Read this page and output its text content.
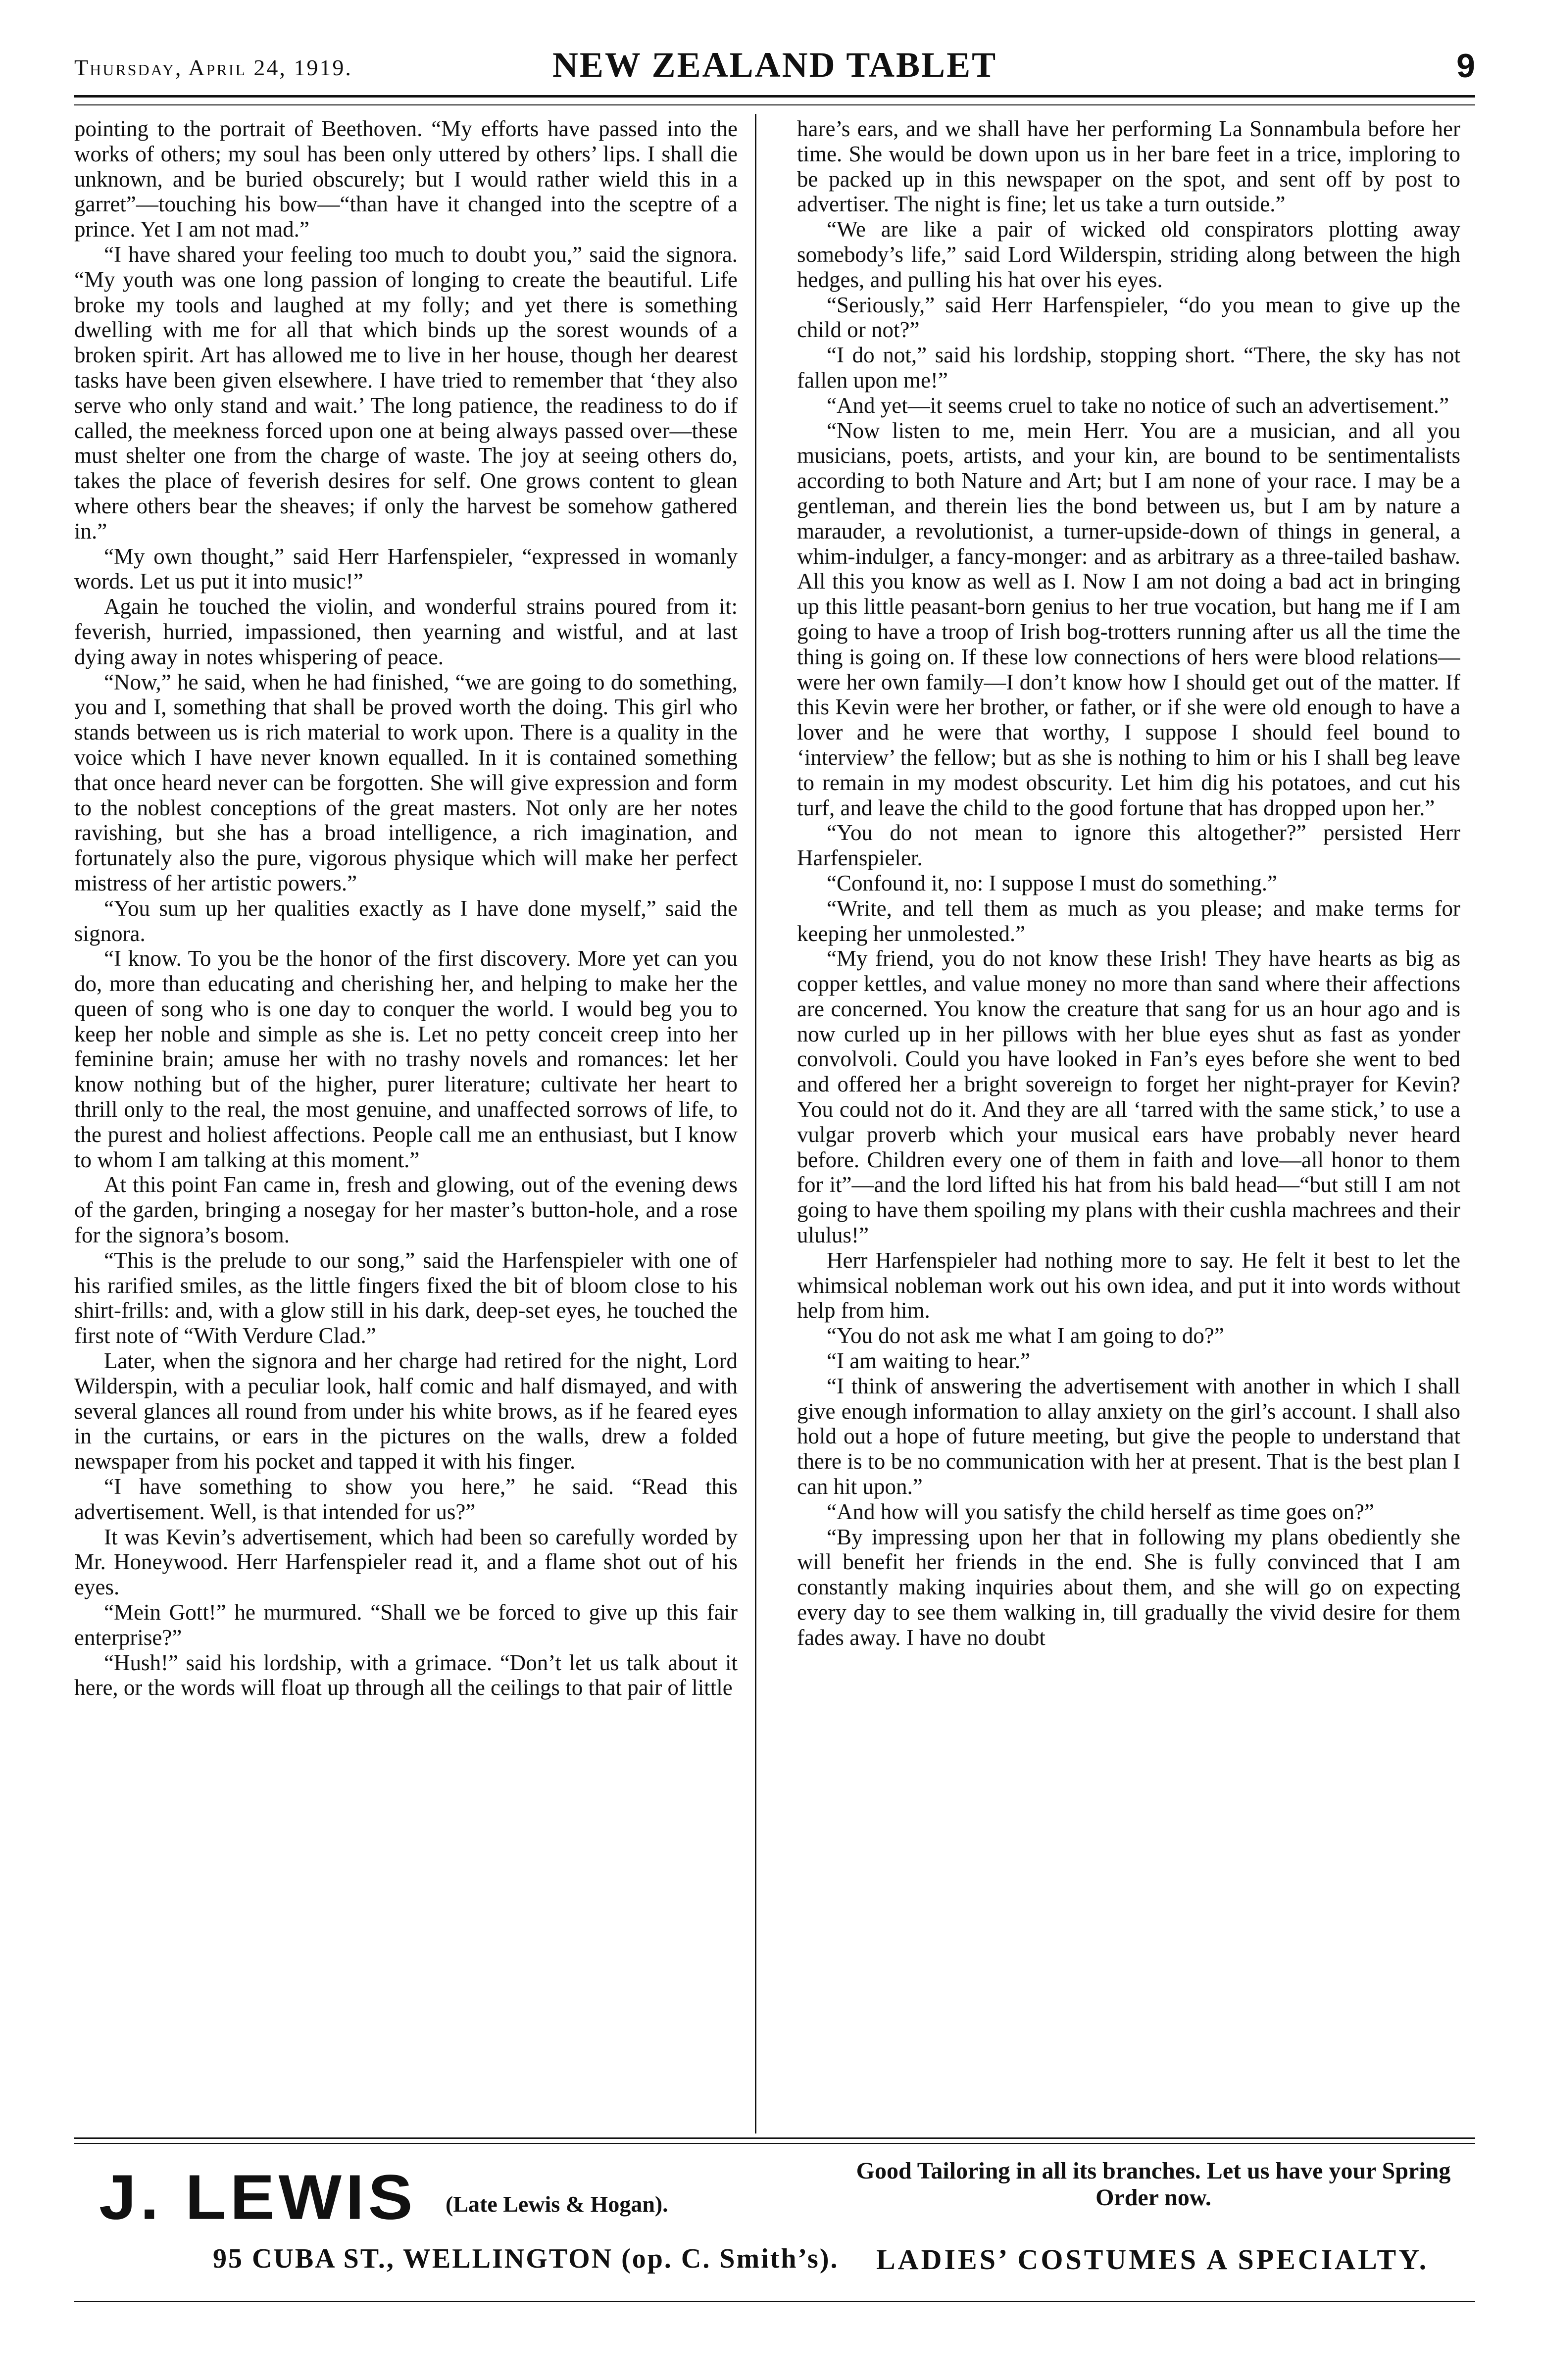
Thursday, April 24, 1919.	NEW ZEALAND TABLET	9

pointing to the portrait of Beethoven. “My efforts have passed into the works of others; my soul has been only uttered by others’ lips. I shall die unknown, and be buried obscurely; but I would rather wield this in a garret”—touching his bow—“than have it changed into the sceptre of a prince. Yet I am not mad.”

“I have shared your feeling too much to doubt you,” said the signora. “My youth was one long passion of longing to create the beautiful. Life broke my tools and laughed at my folly; and yet there is something dwelling with me for all that which binds up the sorest wounds of a broken spirit. Art has allowed me to live in her house, though her dearest tasks have been given elsewhere. I have tried to remember that ‘they also serve who only stand and wait.’ The long patience, the readiness to do if called, the meekness forced upon one at being always passed over—these must shelter one from the charge of waste. The joy at seeing others do, takes the place of feverish desires for self. One grows content to glean where others bear the sheaves; if only the harvest be somehow gathered in.”

“My own thought,” said Herr Harfenspieler, “expressed in womanly words. Let us put it into music!”

Again he touched the violin, and wonderful strains poured from it: feverish, hurried, impassioned, then yearning and wistful, and at last dying away in notes whispering of peace.

“Now,” he said, when he had finished, “we are going to do something, you and I, something that shall be proved worth the doing. This girl who stands between us is rich material to work upon. There is a quality in the voice which I have never known equalled. In it is contained something that once heard never can be forgotten. She will give expression and form to the noblest conceptions of the great masters. Not only are her notes ravishing, but she has a broad intelligence, a rich imagination, and fortunately also the pure, vigorous physique which will make her perfect mistress of her artistic powers.”

“You sum up her qualities exactly as I have done myself,” said the signora.

“I know. To you be the honor of the first discovery. More yet can you do, more than educating and cherishing her, and helping to make her the queen of song who is one day to conquer the world. I would beg you to keep her noble and simple as she is. Let no petty conceit creep into her feminine brain; amuse her with no trashy novels and romances: let her know nothing but of the higher, purer literature; cultivate her heart to thrill only to the real, the most genuine, and unaffected sorrows of life, to the purest and holiest affections. People call me an enthusiast, but I know to whom I am talking at this moment.”

At this point Fan came in, fresh and glowing, out of the evening dews of the garden, bringing a nosegay for her master’s button-hole, and a rose for the signora’s bosom.

“This is the prelude to our song,” said the Harfenspieler with one of his rarified smiles, as the little fingers fixed the bit of bloom close to his shirt-frills: and, with a glow still in his dark, deep-set eyes, he touched the first note of “With Verdure Clad.”

Later, when the signora and her charge had retired for the night, Lord Wilderspin, with a peculiar look, half comic and half dismayed, and with several glances all round from under his white brows, as if he feared eyes in the curtains, or ears in the pictures on the walls, drew a folded newspaper from his pocket and tapped it with his finger.

“I have something to show you here,” he said. “Read this advertisement. Well, is that intended for us?”

It was Kevin’s advertisement, which had been so carefully worded by Mr. Honeywood. Herr Harfenspieler read it, and a flame shot out of his eyes.

“Mein Gott!” he murmured. “Shall we be forced to give up this fair enterprise?”

“Hush!” said his lordship, with a grimace. “Don’t let us talk about it here, or the words will float up through all the ceilings to that pair of little

hare’s ears, and we shall have her performing La Sonnambula before her time. She would be down upon us in her bare feet in a trice, imploring to be packed up in this newspaper on the spot, and sent off by post to advertiser. The night is fine; let us take a turn outside.”

“We are like a pair of wicked old conspirators plotting away somebody’s life,” said Lord Wilderspin, striding along between the high hedges, and pulling his hat over his eyes.

“Seriously,” said Herr Harfenspieler, “do you mean to give up the child or not?”

“I do not,” said his lordship, stopping short. “There, the sky has not fallen upon me!”

“And yet—it seems cruel to take no notice of such an advertisement.”

“Now listen to me, mein Herr. You are a musician, and all you musicians, poets, artists, and your kin, are bound to be sentimentalists according to both Nature and Art; but I am none of your race. I may be a gentleman, and therein lies the bond between us, but I am by nature a marauder, a revolutionist, a turner-upside-down of things in general, a whim-indulger, a fancy-monger: and as arbitrary as a three-tailed bashaw. All this you know as well as I. Now I am not doing a bad act in bringing up this little peasant-born genius to her true vocation, but hang me if I am going to have a troop of Irish bog-trotters running after us all the time the thing is going on. If these low connections of hers were blood relations—were her own family—I don’t know how I should get out of the matter. If this Kevin were her brother, or father, or if she were old enough to have a lover and he were that worthy, I suppose I should feel bound to ‘interview’ the fellow; but as she is nothing to him or his I shall beg leave to remain in my modest obscurity. Let him dig his potatoes, and cut his turf, and leave the child to the good fortune that has dropped upon her.”

“You do not mean to ignore this altogether?” persisted Herr Harfenspieler.

“Confound it, no: I suppose I must do something.”

“Write, and tell them as much as you please; and make terms for keeping her unmolested.”

“My friend, you do not know these Irish! They have hearts as big as copper kettles, and value money no more than sand where their affections are concerned. You know the creature that sang for us an hour ago and is now curled up in her pillows with her blue eyes shut as fast as yonder convolvoli. Could you have looked in Fan’s eyes before she went to bed and offered her a bright sovereign to forget her night-prayer for Kevin? You could not do it. And they are all ‘tarred with the same stick,’ to use a vulgar proverb which your musical ears have probably never heard before. Children every one of them in faith and love—all honor to them for it”—and the lord lifted his hat from his bald head—“but still I am not going to have them spoiling my plans with their cushla machrees and their ululus!”

Herr Harfenspieler had nothing more to say. He felt it best to let the whimsical nobleman work out his own idea, and put it into words without help from him.

“You do not ask me what I am going to do?”

“I am waiting to hear.”

“I think of answering the advertisement with another in which I shall give enough information to allay anxiety on the girl’s account. I shall also hold out a hope of future meeting, but give the people to understand that there is to be no communication with her at present. That is the best plan I can hit upon.”

“And how will you satisfy the child herself as time goes on?”

“By impressing upon her that in following my plans obediently she will benefit her friends in the end. She is fully convinced that I am constantly making inquiries about them, and she will go on expecting every day to see them walking in, till gradually the vivid desire for them fades away. I have no doubt

J. LEWIS (Late Lewis & Hogan).
95 CUBA ST., WELLINGTON (op. C. Smith’s).
Good Tailoring in all its branches. Let us have your Spring Order now.
LADIES’ COSTUMES A SPECIALTY.
